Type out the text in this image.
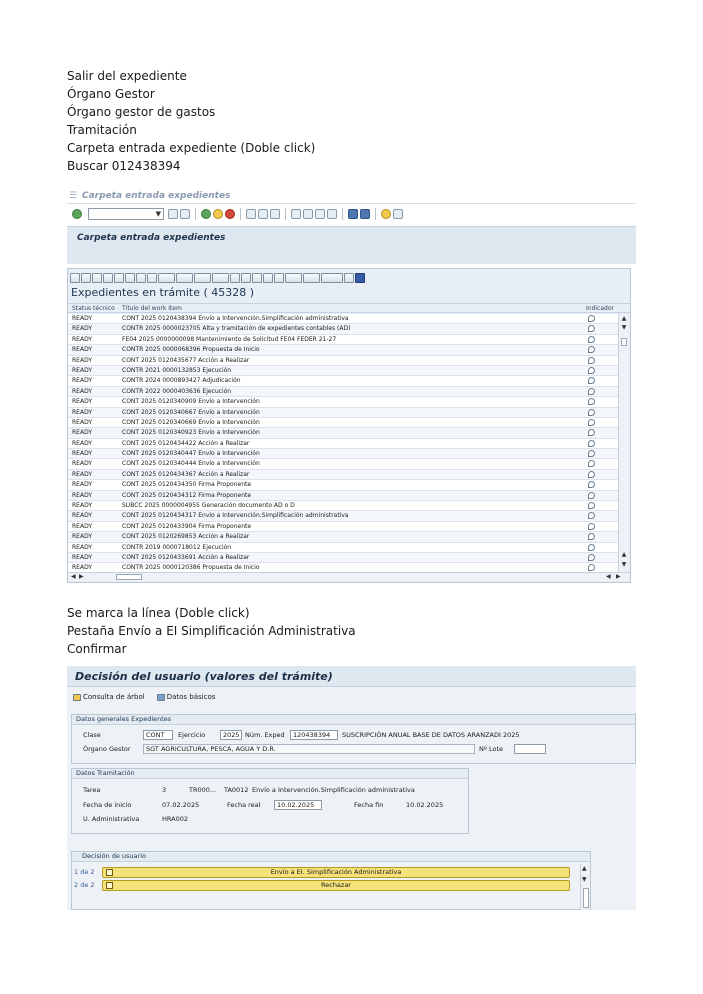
Salir del expediente
Órgano Gestor
Órgano gestor de gastos
Tramitación
Carpeta entrada expediente (Doble click)
Buscar 012438394
☰ Carpeta entrada expedientes
▼
Carpeta entrada expedientes
Expedientes en trámite ( 45328 )
Status técnico Título del work item	Indicador
READY	CONT 2025 0120438394 Envío a Intervención.Simplificación administrativa
READY	CONTR 2025 0000023705 Alta y tramitación de expedientes contables (AD)
READY	FE04 2025 0000000098 Mantenimiento de Solicitud FE04 FEDER 21-27
READY	CONTR 2025 0000068396 Propuesta de Inicio
READY	CONT 2025 0120435677 Acción a Realizar
READY	CONTR 2021 0000132853 Ejecución
READY	CONTR 2024 0000893427 Adjudicación
READY	CONTR 2022 0000403636 Ejecución
READY	CONT 2025 0120340909 Envío a Intervención
READY	CONT 2025 0120340667 Envío a Intervención
READY	CONT 2025 0120340669 Envío a Intervención
READY	CONT 2025 0120340923 Envío a Intervención
READY	CONT 2025 0120434422 Acción a Realizar
READY	CONT 2025 0120340447 Envío a Intervención
READY	CONT 2025 0120340444 Envío a Intervención
READY	CONT 2025 0120434367 Acción a Realizar
READY	CONT 2025 0120434350 Firma Proponente
READY	CONT 2025 0120434312 Firma Proponente
READY	SUBCC 2025 0000004955 Generación documento AD o D
READY	CONT 2025 0120434317 Envío a Intervención.Simplificación administrativa
READY	CONT 2025 0120433904 Firma Proponente
READY	CONT 2025 0120269853 Acción a Realizar
READY	CONTR 2019 0000718012 Ejecución
READY	CONT 2025 0120433691 Acción a Realizar
READY	CONTR 2025 0000120386 Propuesta de Inicio
▲
▼
▲
▼
◀ ▶	◀ ▶
Se marca la línea (Doble click)
Pestaña Envío a EI Simplificación Administrativa
Confirmar
Decisión del usuario (valores del trámite)
Consulta de árbol	Datos básicos
Datos generales Expedientes
Clase	CONT	Ejercicio	2025 Núm. Exped	120438394	SUSCRIPCIÓN ANUAL BASE DE DATOS ARANZADI 2025
Órgano Gestor	SGT AGRICULTURA, PESCA, AGUA Y D.R.	Nº Lote
Datos Tramitación
Tarea	3	TR000... TA0012 Envío a Intervención.Simplificación administrativa
Fecha de inicio	07.02.2025	Fecha real	10.02.2025	Fecha fin	10.02.2025
U. Administrativa	HRA002
Decisión de usuario
1 de 2	Envío a EI. Simplificación Administrativa
2 de 2	Rechazar
▲
▼
